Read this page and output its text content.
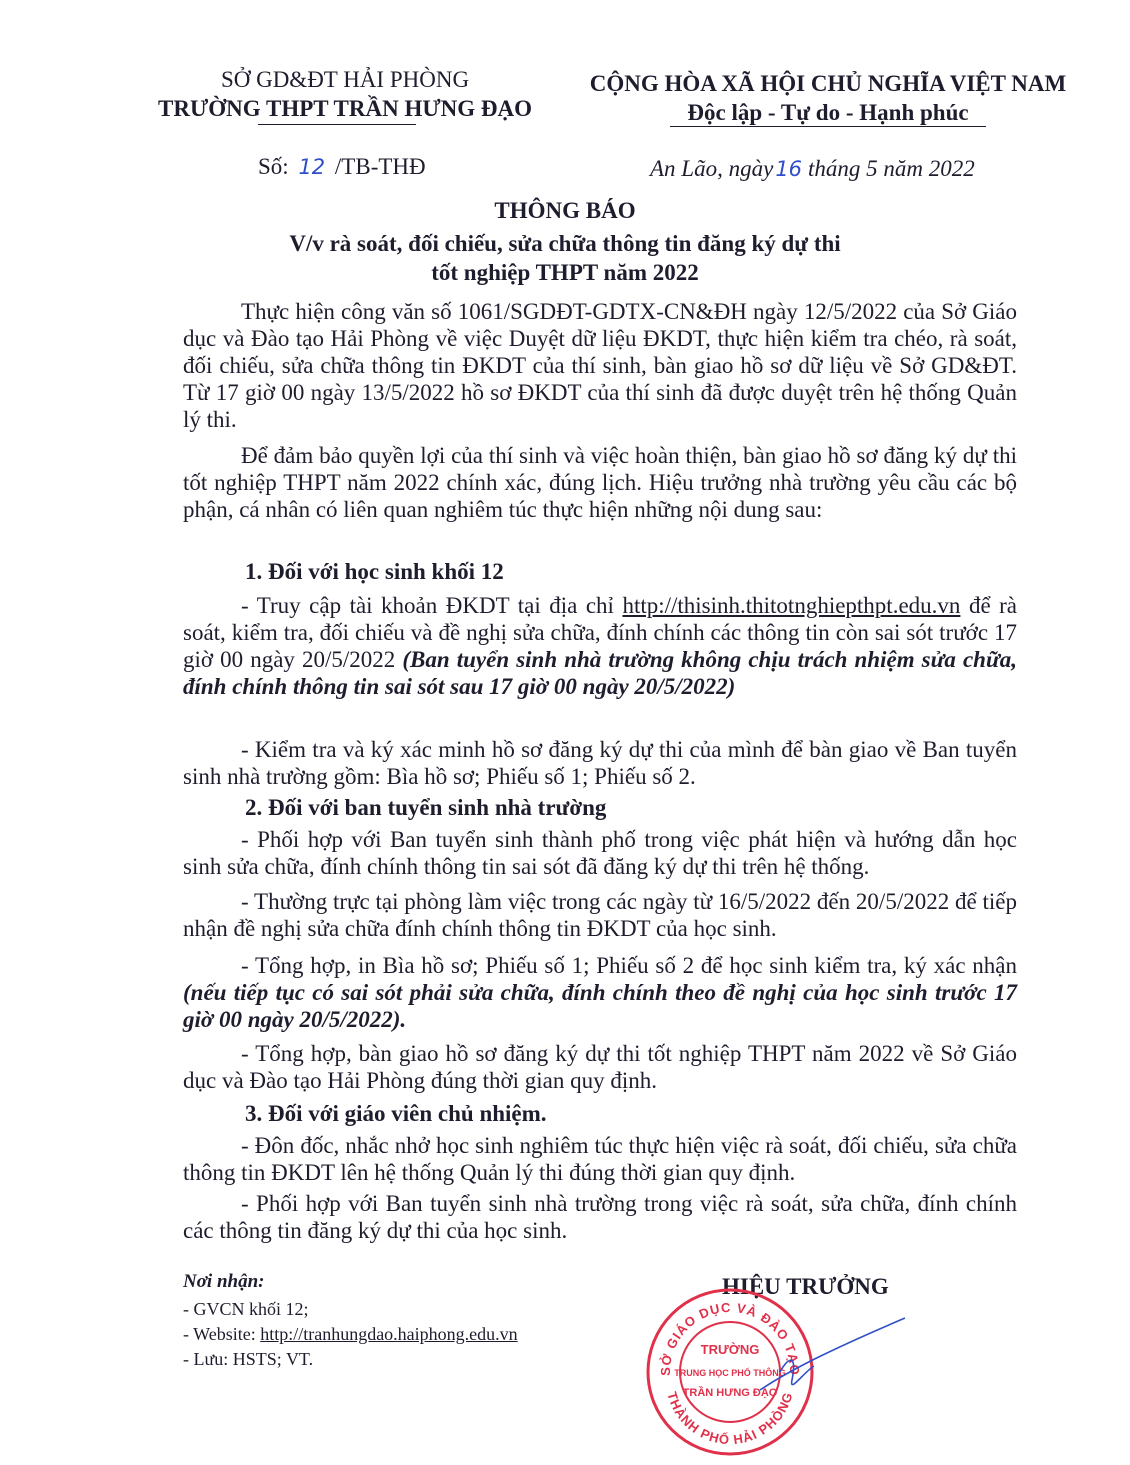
SỞ GD&ĐT HẢI PHÒNG
TRƯỜNG THPT TRẦN HƯNG ĐẠO
CỘNG HÒA XÃ HỘI CHỦ NGHĨA VIỆT NAM
Độc lập - Tự do - Hạnh phúc
Số: 12 /TB-THĐ	An Lão, ngày16 tháng 5 năm 2022
THÔNG BÁO
V/v rà soát, đối chiếu, sửa chữa thông tin đăng ký dự thi
tốt nghiệp THPT năm 2022
Thực hiện công văn số 1061/SGDĐT-GDTX-CN&ĐH ngày 12/5/2022 của Sở Giáo dục và Đào tạo Hải Phòng về việc Duyệt dữ liệu ĐKDT, thực hiện kiểm tra chéo, rà soát, đối chiếu, sửa chữa thông tin ĐKDT của thí sinh, bàn giao hồ sơ dữ liệu về Sở GD&ĐT. Từ 17 giờ 00 ngày 13/5/2022 hồ sơ ĐKDT của thí sinh đã được duyệt trên hệ thống Quản lý thi.
Để đảm bảo quyền lợi của thí sinh và việc hoàn thiện, bàn giao hồ sơ đăng ký dự thi tốt nghiệp THPT năm 2022 chính xác, đúng lịch. Hiệu trưởng nhà trường yêu cầu các bộ phận, cá nhân có liên quan nghiêm túc thực hiện những nội dung sau:
1. Đối với học sinh khối 12
- Truy cập tài khoản ĐKDT tại địa chỉ http://thisinh.thitotnghiepthpt.edu.vn để rà soát, kiểm tra, đối chiếu và đề nghị sửa chữa, đính chính các thông tin còn sai sót trước 17 giờ 00 ngày 20/5/2022 (Ban tuyển sinh nhà trường không chịu trách nhiệm sửa chữa, đính chính thông tin sai sót sau 17 giờ 00 ngày 20/5/2022)
- Kiểm tra và ký xác minh hồ sơ đăng ký dự thi của mình để bàn giao về Ban tuyển sinh nhà trường gồm: Bìa hồ sơ; Phiếu số 1; Phiếu số 2.
2. Đối với ban tuyển sinh nhà trường
- Phối hợp với Ban tuyển sinh thành phố trong việc phát hiện và hướng dẫn học sinh sửa chữa, đính chính thông tin sai sót đã đăng ký dự thi trên hệ thống.
- Thường trực tại phòng làm việc trong các ngày từ 16/5/2022 đến 20/5/2022 để tiếp nhận đề nghị sửa chữa đính chính thông tin ĐKDT của học sinh.
- Tổng hợp, in Bìa hồ sơ; Phiếu số 1; Phiếu số 2 để học sinh kiểm tra, ký xác nhận (nếu tiếp tục có sai sót phải sửa chữa, đính chính theo đề nghị của học sinh trước 17 giờ 00 ngày 20/5/2022).
- Tổng hợp, bàn giao hồ sơ đăng ký dự thi tốt nghiệp THPT năm 2022 về Sở Giáo dục và Đào tạo Hải Phòng đúng thời gian quy định.
3. Đối với giáo viên chủ nhiệm.
- Đôn đốc, nhắc nhở học sinh nghiêm túc thực hiện việc rà soát, đối chiếu, sửa chữa thông tin ĐKDT lên hệ thống Quản lý thi đúng thời gian quy định.
- Phối hợp với Ban tuyển sinh nhà trường trong việc rà soát, sửa chữa, đính chính các thông tin đăng ký dự thi của học sinh.
Nơi nhận:
- GVCN khối 12;
- Website: http://tranhungdao.haiphong.edu.vn
- Lưu: HSTS; VT.
HIỆU TRƯỞNG
SỞ GIÁO DỤC VÀ ĐÀO TẠO
THÀNH PHỐ HẢI PHÒNG
TRƯỜNG
TRUNG HỌC PHỔ THÔNG
TRẦN HƯNG ĐẠO
